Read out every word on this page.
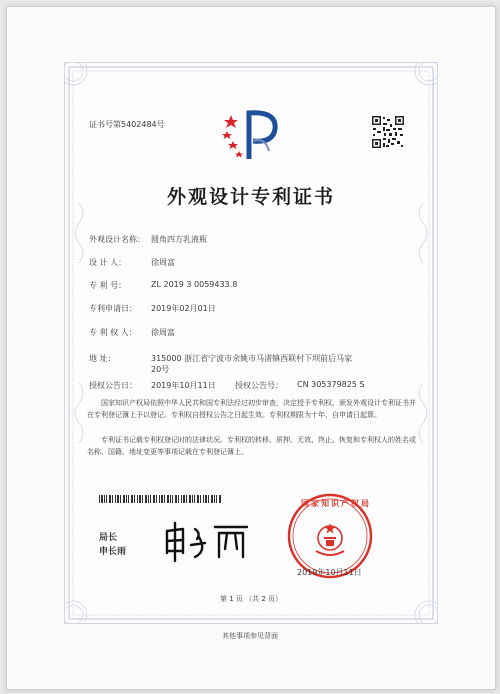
证书号第5402484号
外观设计专利证书
外观设计名称： 圆角四方乳液瓶
设 计 人：	徐周富
专 利 号：	ZL 2019 3 0059433.8
专利申请日： 2019年02月01日
专 利 权 人： 徐周富
地 址：	315000 浙江省宁波市余姚市马渚镇西联村下坝前后马家20号
授权公告日： 2019年10月11日 授权公告号： CN 305379825 S
国家知识产权局依照中华人民共和国专利法经过初步审查，决定授予专利权，颁发外观设计专利证书并在专利登记簿上予以登记。专利权自授权公告之日起生效。专利权期限为十年，自申请日起算。
专利证书记载专利权登记时的法律状况。专利权的转移、质押、无效、终止、恢复和专利权人的姓名或名称、国籍、地址变更等事项记载在专利登记簿上。
局长
申长雨
国家知识产权局
2019年10月11日
第 1 页 （共 2 页）
其他事项参见背面
